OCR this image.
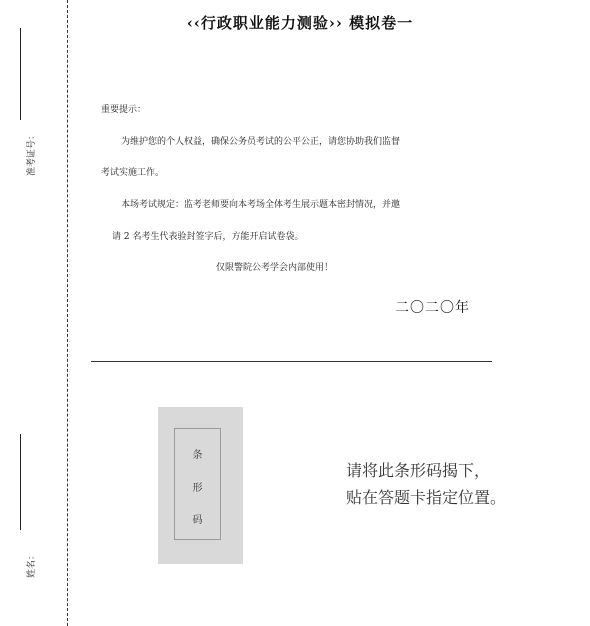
准考证号：
姓名：
‹‹行政职业能力测验›› 模拟卷一
重要提示：
为维护您的个人权益，确保公务员考试的公平公正，请您协助我们监督
考试实施工作。
本场考试规定：监考老师要向本考场全体考生展示题本密封情况，并邀
请 2 名考生代表验封签字后，方能开启试卷袋。
仅限警院公考学会内部使用！
二〇二〇年
条
形
码
请将此条形码揭下，
贴在答题卡指定位置。
